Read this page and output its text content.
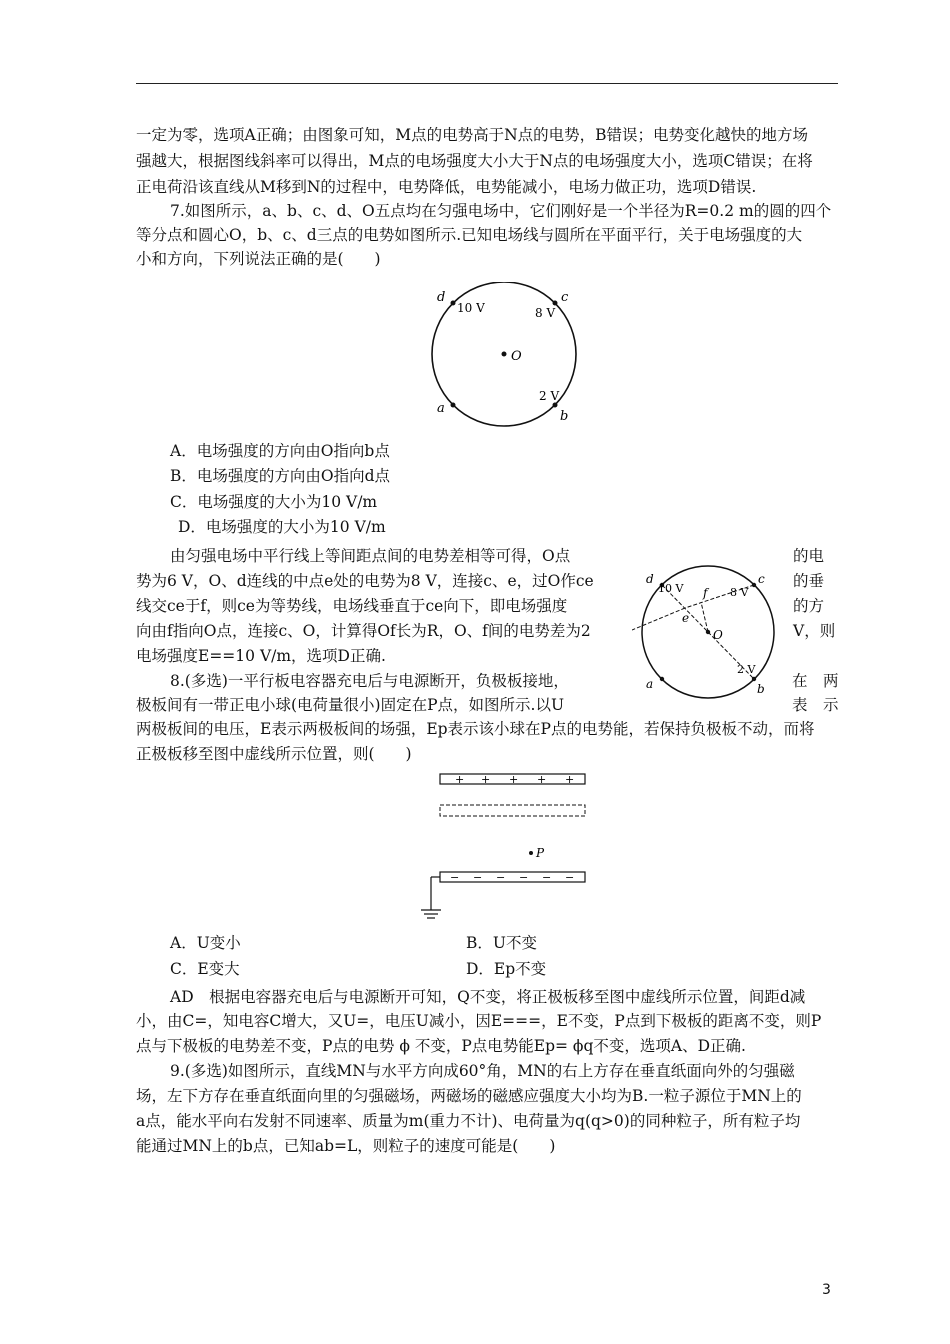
一定为零，选项A正确；由图象可知，M点的电势高于N点的电势，B错误；电势变化越快的地方场
强越大，根据图线斜率可以得出，M点的电场强度大小大于N点的电场强度大小，选项C错误；在将
正电荷沿该直线从M移到N的过程中，电势降低，电势能减小，电场力做正功，选项D错误.
7.如图所示，a、b、c、d、O五点均在匀强电场中，它们刚好是一个半径为R=0.2 m的圆的四个
等分点和圆心O，b、c、d三点的电势如图所示.已知电场线与圆所在平面平行，关于电场强度的大
小和方向，下列说法正确的是(　　)
d	c
O
a
b
10 V	8 V
2 V
A．电场强度的方向由O指向b点
B．电场强度的方向由O指向d点
C．电场强度的大小为10 V/m
D．电场强度的大小为10 V/m
由匀强电场中平行线上等间距点间的电势差相等可得，O点	的电
势为6 V，O、d连线的中点e处的电势为8 V，连接c、e，过O作ce	的垂
线交ce于f，则ce为等势线，电场线垂直于ce向下，即电场强度	的方
向由f指向O点，连接c、O，计算得Of长为R，O、f间的电势差为2	V，则
电场强度E==10 V/m，选项D正确.
d	c
O
e
f
a	b
10 V	8 V
2 V
8.(多选)一平行板电容器充电后与电源断开，负极板接地，	在　两
极板间有一带正电小球(电荷量很小)固定在P点，如图所示.以U	表　示
两极板间的电压，E表示两极板间的场强，Ep表示该小球在P点的电势能，若保持负极板不动，而将
正极板移至图中虚线所示位置，则(　　)
+ + + + +
P
− − − − − −
A．U变小	B．U不变
C．E变大	D．Ep不变
AD　根据电容器充电后与电源断开可知，Q不变，将正极板移至图中虚线所示位置，间距d减
小，由C=，知电容C增大，又U=，电压U减小，因E===，E不变，P点到下极板的距离不变，则P
点与下极板的电势差不变，P点的电势 ϕ 不变，P点电势能Ep= ϕq不变，选项A、D正确.
9.(多选)如图所示，直线MN与水平方向成60°角，MN的右上方存在垂直纸面向外的匀强磁
场，左下方存在垂直纸面向里的匀强磁场，两磁场的磁感应强度大小均为B.一粒子源位于MN上的
a点，能水平向右发射不同速率、质量为m(重力不计)、电荷量为q(q>0)的同种粒子，所有粒子均
能通过MN上的b点，已知ab=L，则粒子的速度可能是(　　)
3
